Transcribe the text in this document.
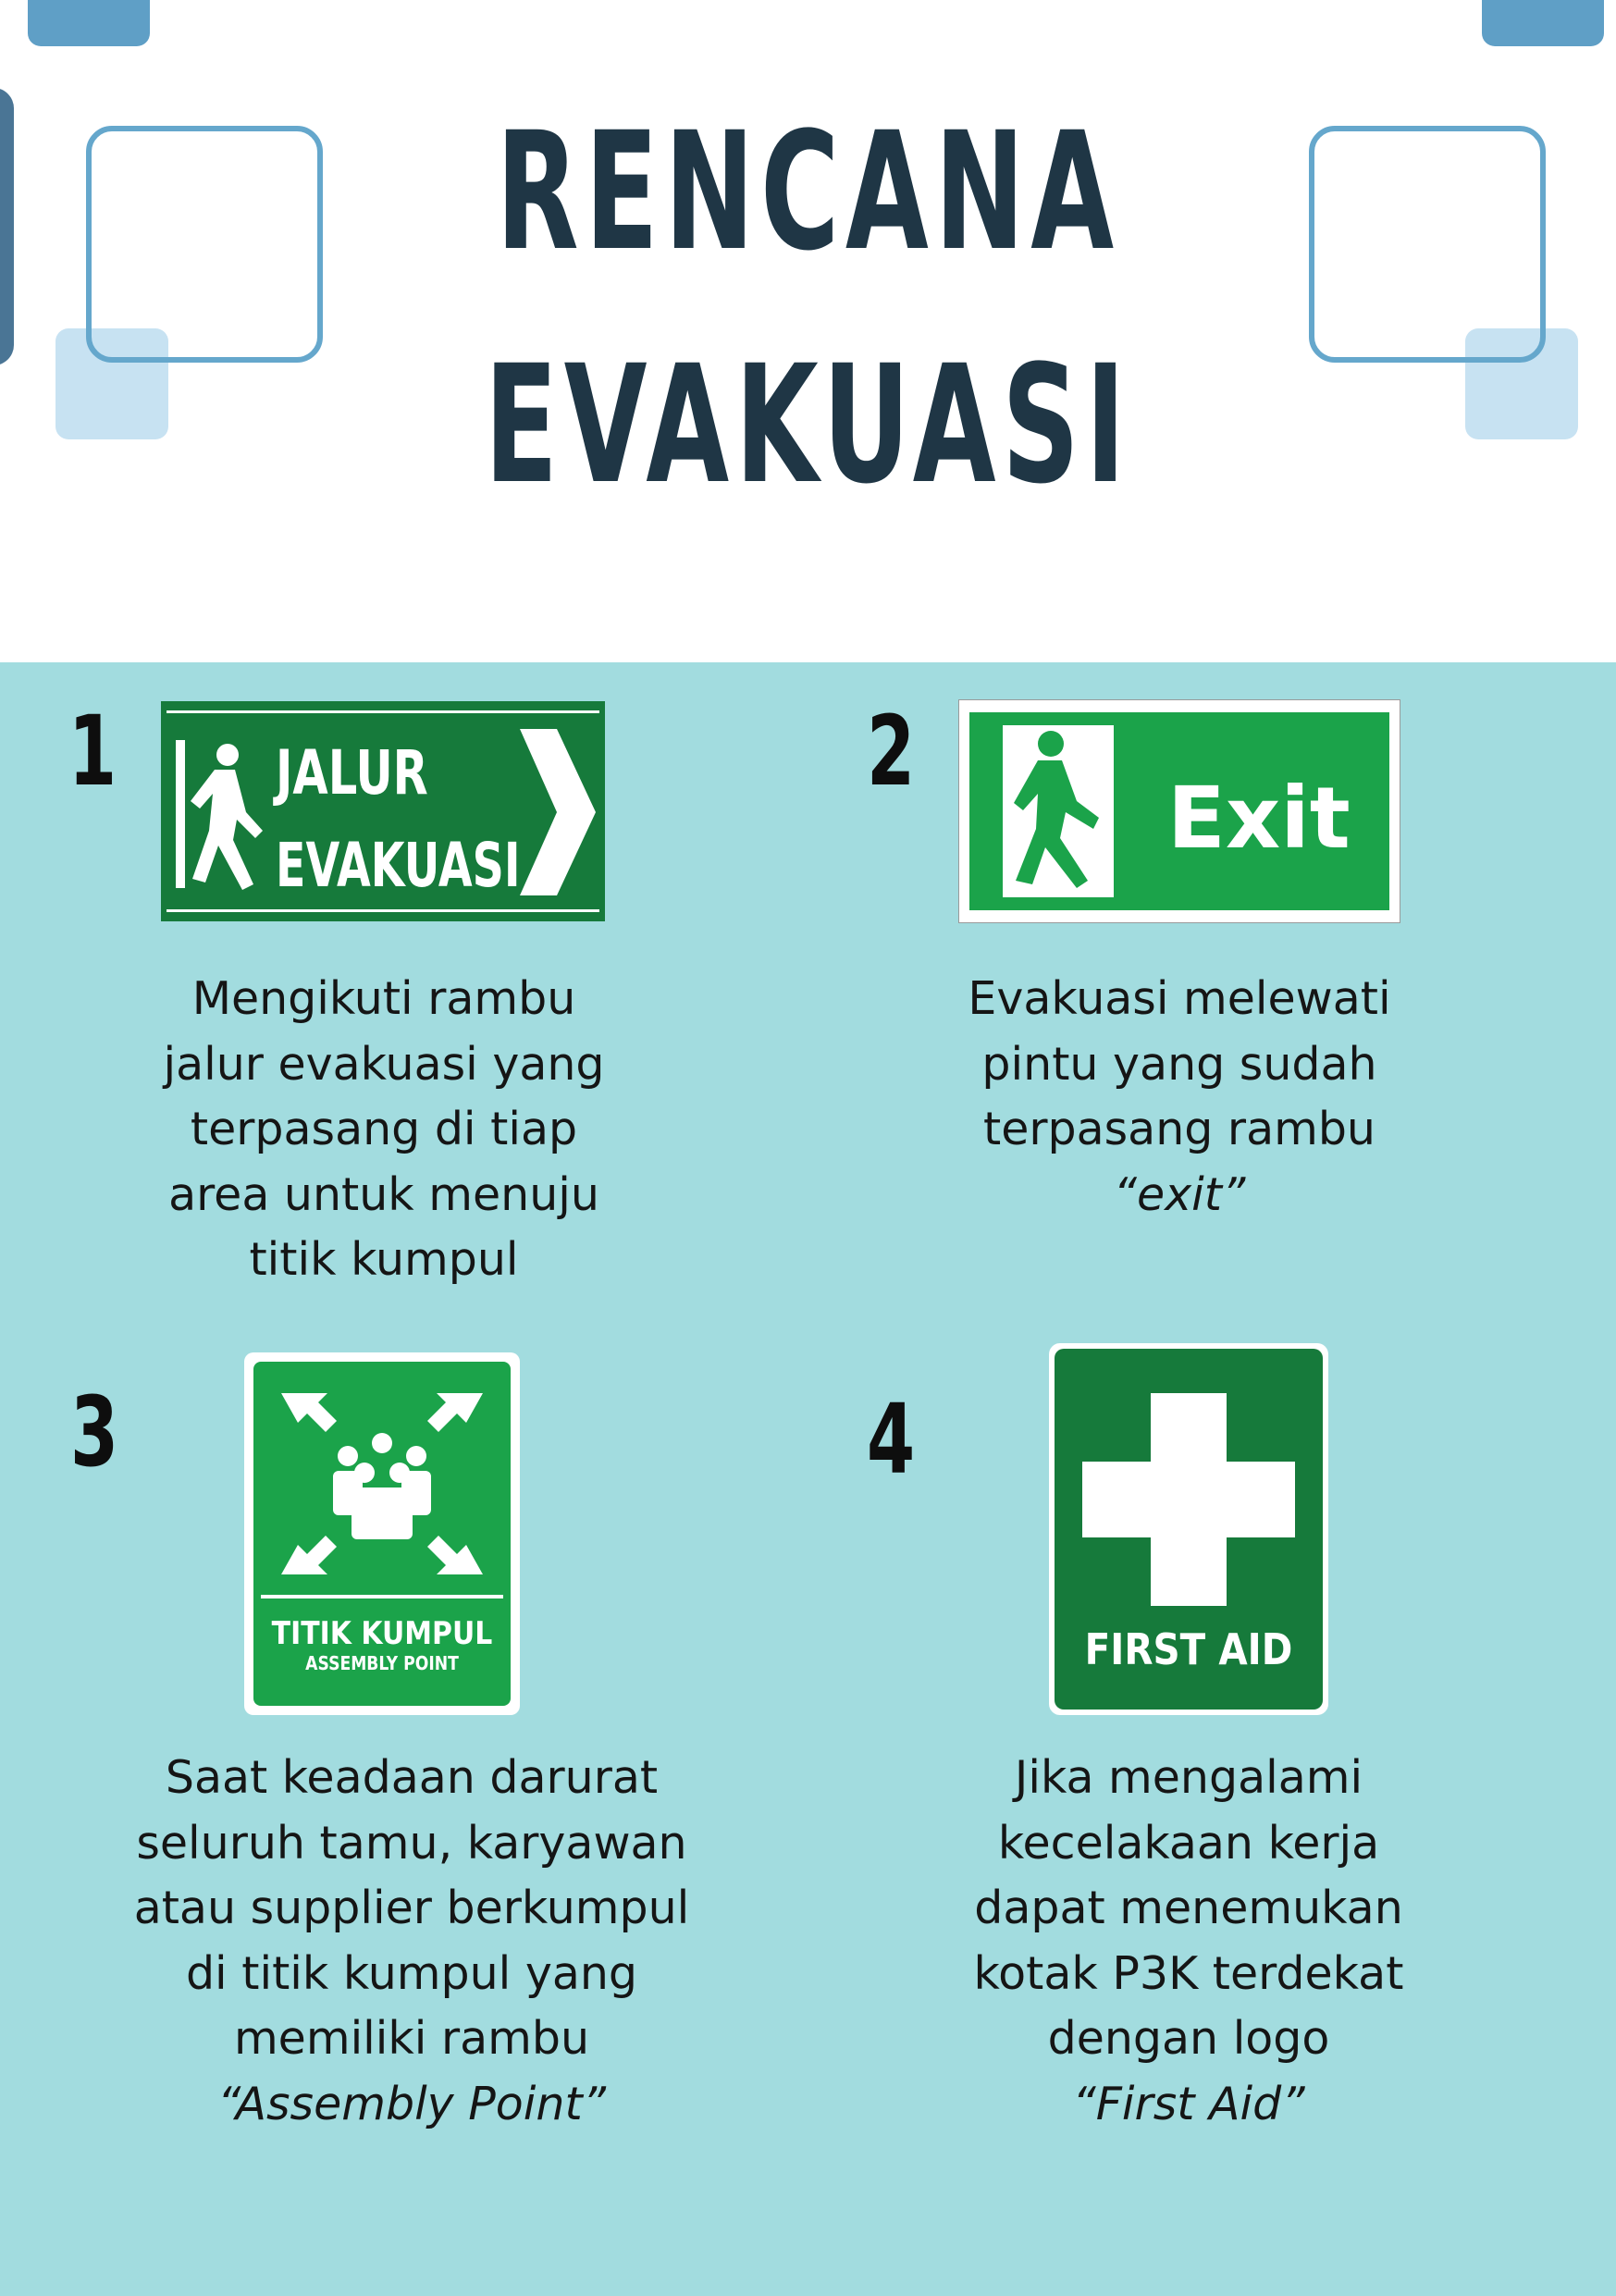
RENCANA
EVAKUASI
1	JALUR
EVAKUASI

Mengikuti rambu

jalur evakuasi yang

terpasang di tiap

area untuk menuju

titik kumpul

2
Exit

Evakuasi melewati

pintu yang sudah

terpasang rambu

“exit”

3
TITIK KUMPUL
ASSEMBLY POINT

Saat keadaan darurat

seluruh tamu, karyawan

atau supplier berkumpul

di titik kumpul yang

memiliki rambu

“Assembly Point”

4
FIRST AID

Jika mengalami

kecelakaan kerja

dapat menemukan

kotak P3K terdekat

dengan logo

“First Aid”
